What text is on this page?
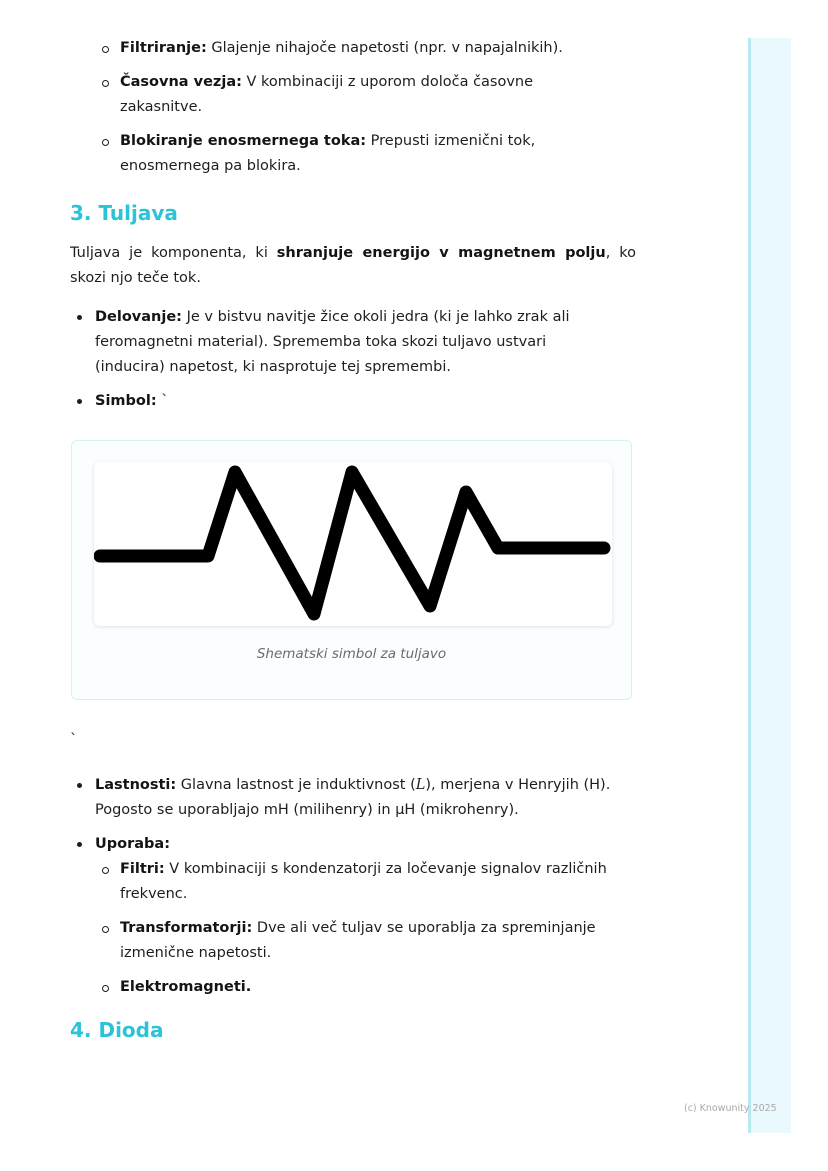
Filtriranje: Glajenje nihajoče napetosti (npr. v napajalnikih).
Časovna vezja: V kombinaciji z uporom določa časovne zakasnitve.
Blokiranje enosmernega toka: Prepusti izmenični tok, enosmernega pa blokira.
3. Tuljava

Tuljava je komponenta, ki shranjuje energijo v magnetnem polju, ko skozi njo teče tok.

Delovanje: Je v bistvu navitje žice okoli jedra (ki je lahko zrak ali feromagnetni material). Sprememba toka skozi tuljavo ustvari (inducira) napetost, ki nasprotuje tej spremembi.
Simbol: `
Shematski simbol za tuljavo

`

Lastnosti: Glavna lastnost je induktivnost (L), merjena v Henryjih (H). Pogosto se uporabljajo mH (milihenry) in μH (mikrohenry).
Uporaba:
Filtri: V kombinaciji s kondenzatorji za ločevanje signalov različnih frekvenc.
Transformatorji: Dve ali več tuljav se uporablja za spreminjanje izmenične napetosti.
Elektromagneti.
4. Dioda
(c) Knowunity 2025
